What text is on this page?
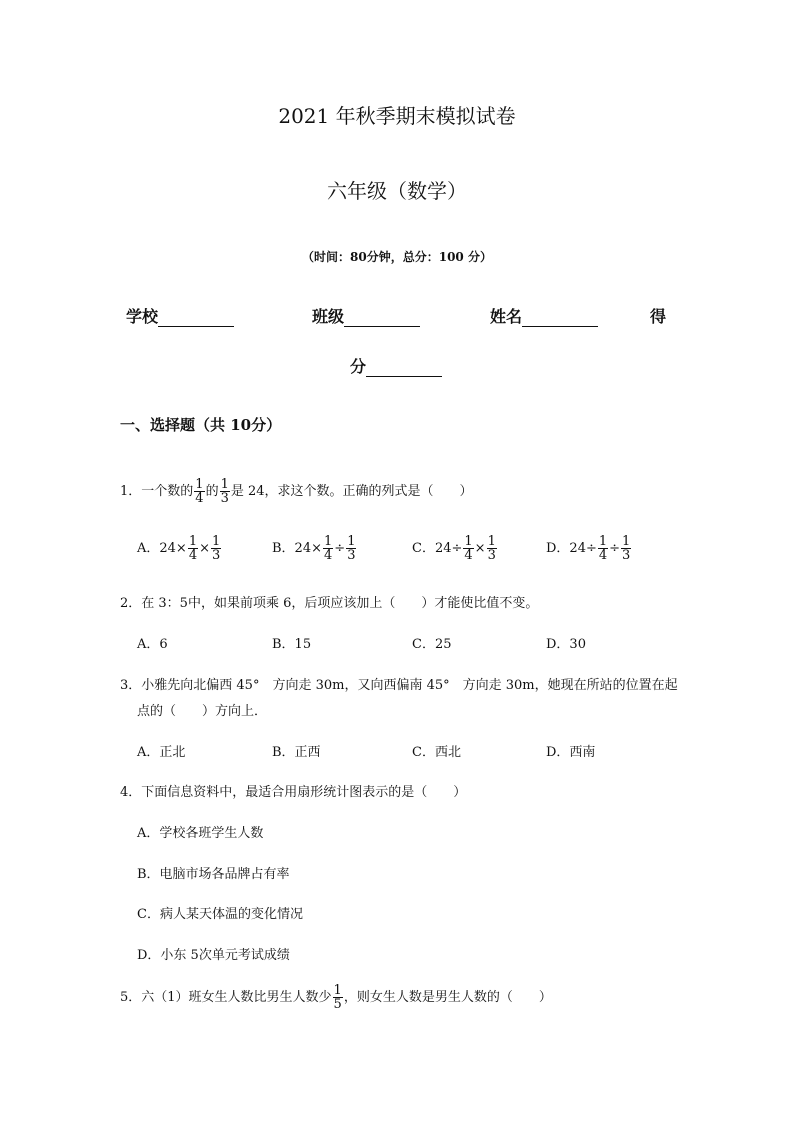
2021 年秋季期末模拟试卷
六年级（数学）
（时间：80分钟，总分：100 分）
学校	班级	姓名	得
分
一、选择题（共 10分）
1．一个数的 $\frac{1}{4}$ 的 $\frac{1}{3}$ 是 24，求这个数。正确的列式是（　　）
A．$24\times \frac{1}{4} \times \frac{1}{3}$	B．$24\times \frac{1}{4} \div \frac{1}{3}$	C．$24\div \frac{1}{4} \times \frac{1}{3}$	D．$24\div \frac{1}{4} \div \frac{1}{3}$
2．在 3：5中，如果前项乘 6，后项应该加上（　　）才能使比值不变。
A．6	B．15	C．25	D．30
3．小雅先向北偏西 45°　方向走 30m，又向西偏南 45°　方向走 30m，她现在所站的位置在起
点的（　　）方向上．
A．正北	B．正西	C．西北	D．西南
4．下面信息资料中，最适合用扇形统计图表示的是（　　）
A．学校各班学生人数
B．电脑市场各品牌占有率
C．病人某天体温的变化情况
D．小东 5次单元考试成绩
5．六（1）班女生人数比男生人数少 $\frac{1}{5}$ ，则女生人数是男生人数的（　　）
